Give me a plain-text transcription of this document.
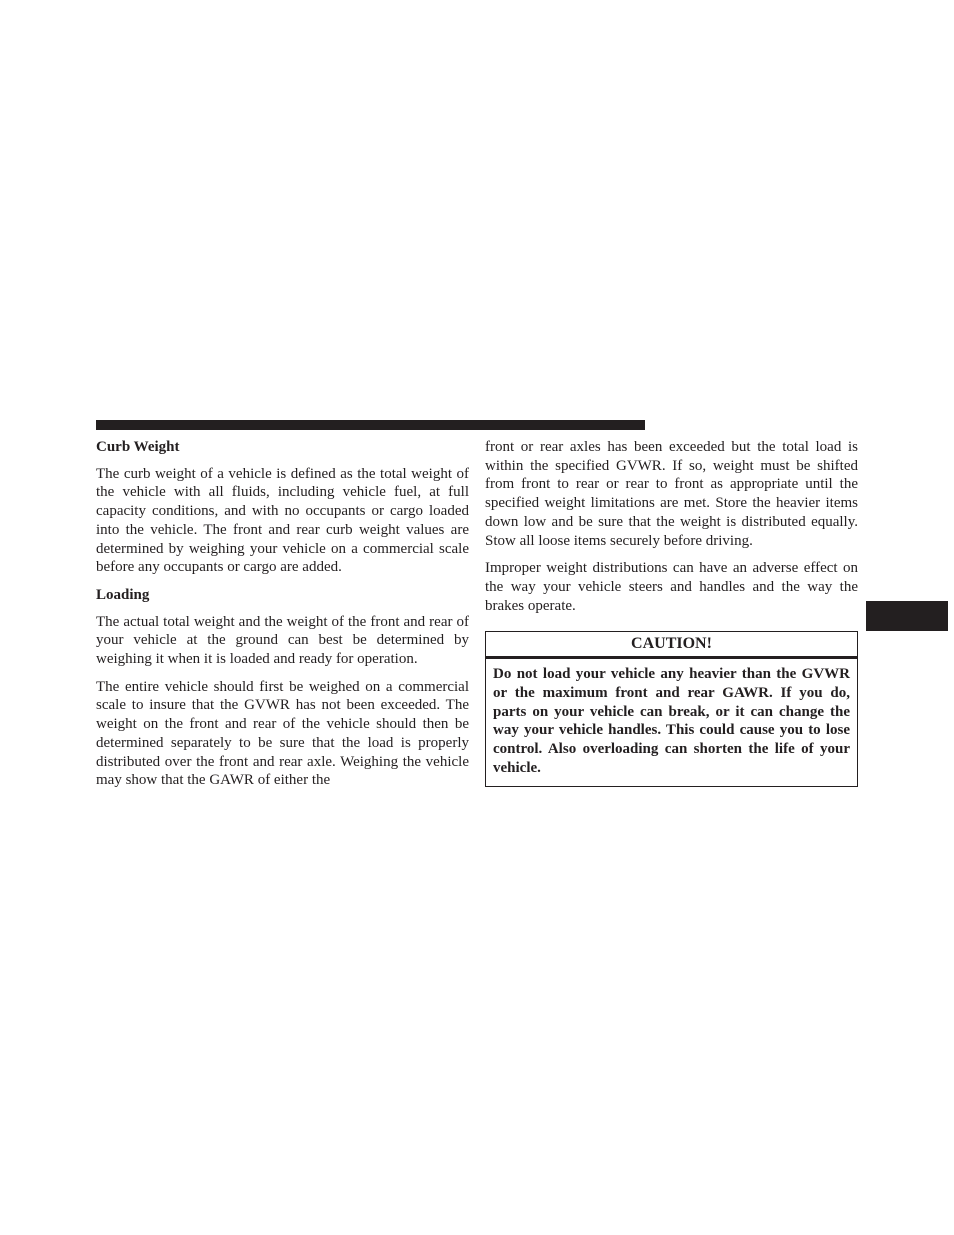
Curb Weight

The curb weight of a vehicle is defined as the total weight of the vehicle with all fluids, including vehicle fuel, at full capacity conditions, and with no occupants or cargo loaded into the vehicle. The front and rear curb weight values are determined by weighing your vehicle on a commercial scale before any occupants or cargo are added.

Loading

The actual total weight and the weight of the front and rear of your vehicle at the ground can best be determined by weighing it when it is loaded and ready for operation.

The entire vehicle should first be weighed on a commercial scale to insure that the GVWR has not been exceeded. The weight on the front and rear of the vehicle should then be determined separately to be sure that the load is properly distributed over the front and rear axle. Weighing the vehicle may show that the GAWR of either the

front or rear axles has been exceeded but the total load is within the specified GVWR. If so, weight must be shifted from front to rear or rear to front as appropriate until the specified weight limitations are met. Store the heavier items down low and be sure that the weight is distributed equally. Stow all loose items securely before driving.

Improper weight distributions can have an adverse effect on the way your vehicle steers and handles and the way the brakes operate.

CAUTION!
Do not load your vehicle any heavier than the GVWR or the maximum front and rear GAWR. If you do, parts on your vehicle can break, or it can change the way your vehicle handles. This could cause you to lose control. Also overloading can shorten the life of your vehicle.
